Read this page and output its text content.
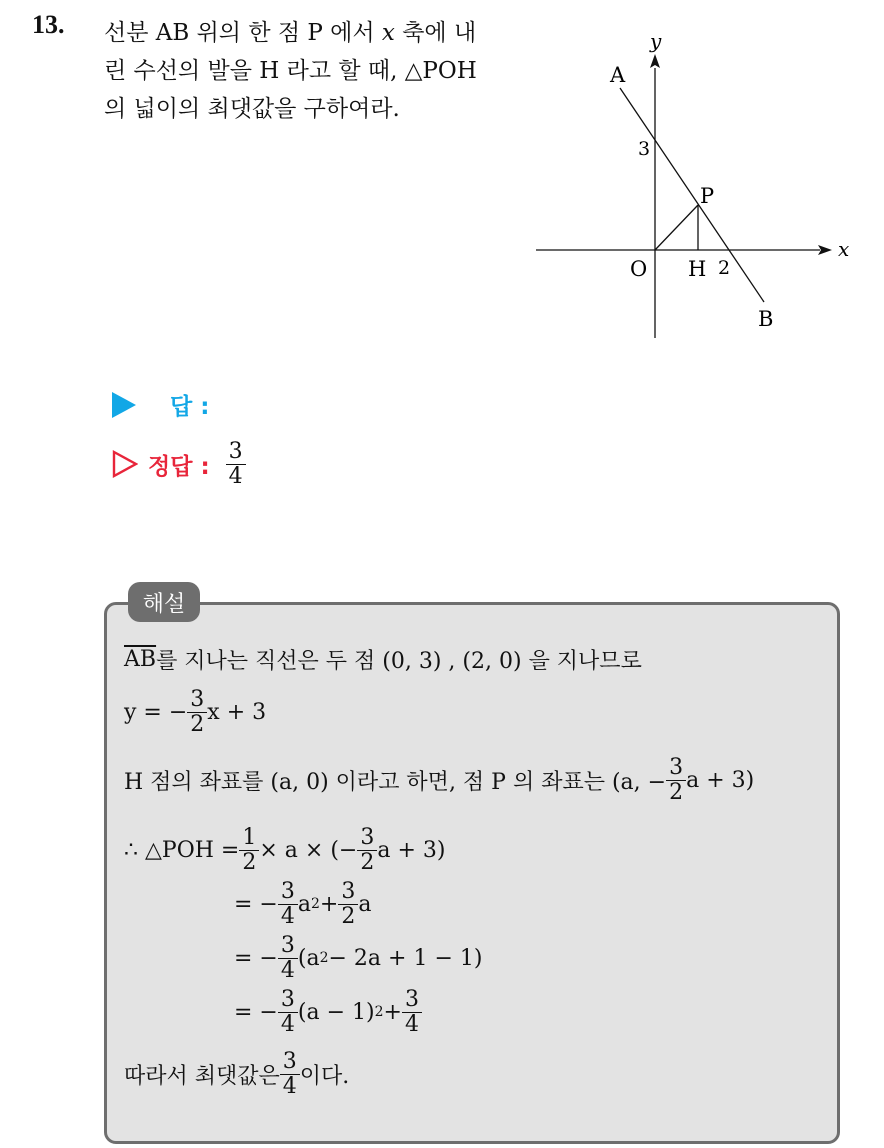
13. 선분 AB 위의 한 점 P 에서 x 축에 내
린 수선의 발을 H 라고 할 때, △POH
의 넓이의 최댓값을 구하여라.
A
B
P
O H 2
3
x
y
답 :
정답 : $\frac{3}{4}$
해설
$\overline{AB}$ 를 지나는 직선은 두 점 (0, 3) , (2, 0) 을 지나므로
y = − $\frac{3}{2}$ x + 3
H 점의 좌표를 (a, 0) 이라고 하면, 점 P 의 좌표는 (a, − $\frac{3}{2}$ a + 3)
∴ △POH = $\frac{1}{2} \times a$ × (− $\frac{3}{2}$ a + 3)
= − $\frac{3}{4}$ a $2 + \frac{3}{2}$ a
= − $\frac{3}{4} (a$ 2 − 2a + 1 − 1)
= − $\frac{3}{4} (a - 1) 2 + \frac{3}{4}$
따라서 최댓값은 $\frac{3}{4}$ 이다.
